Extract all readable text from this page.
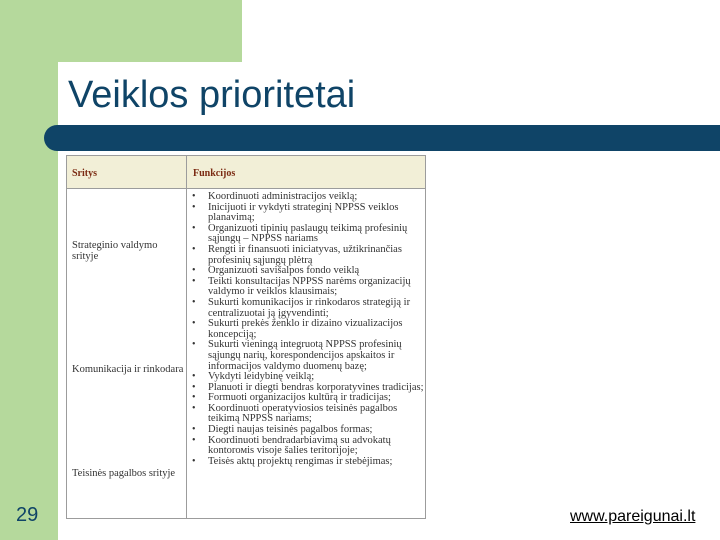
Veiklos prioritetai
Sritys	Funkcijos
Strateginio valdymo srityje
Komunikacija ir rinkodara
Teisinės pagalbos srityje
• Koordinuoti administracijos veiklą;
• Inicijuoti ir vykdyti strateginį NPPSS veiklos planavimą;
• Organizuoti tipinių paslaugų teikimą profesinių sąjungų – NPPSS nariams
• Rengti ir finansuoti iniciatyvas, užtikrinančias profesinių sąjungų plėtrą
• Organizuoti savišalpos fondo veiklą
• Teikti konsultacijas NPPSS narėms organizacijų valdymo ir veiklos klausimais;
• Sukurti komunikacijos ir rinkodaros strategiją ir centralizuotai ją įgyvendinti;
• Sukurti prekės ženklo ir dizaino vizualizacijos koncepciją;
• Sukurti vieningą integruotą NPPSS profesinių sąjungų narių, korespondencijos apskaitos ir informacijos valdymo duomenų bazę;
• Vykdyti leidybinę veiklą;
• Planuoti ir diegti bendras korporatyvines tradicijas;
• Formuoti organizacijos kultūrą ir tradicijas;
• Koordinuoti operatyviosios teisinės pagalbos teikimą NPPSS nariams;
• Diegti naujas teisinės pagalbos formas;
• Koordinuoti bendradarbiavimą su advokatų kontorомis visoje šalies teritorijoje;
• Teisės aktų projektų rengimas ir stebėjimas;
29	www.pareigunai.lt
